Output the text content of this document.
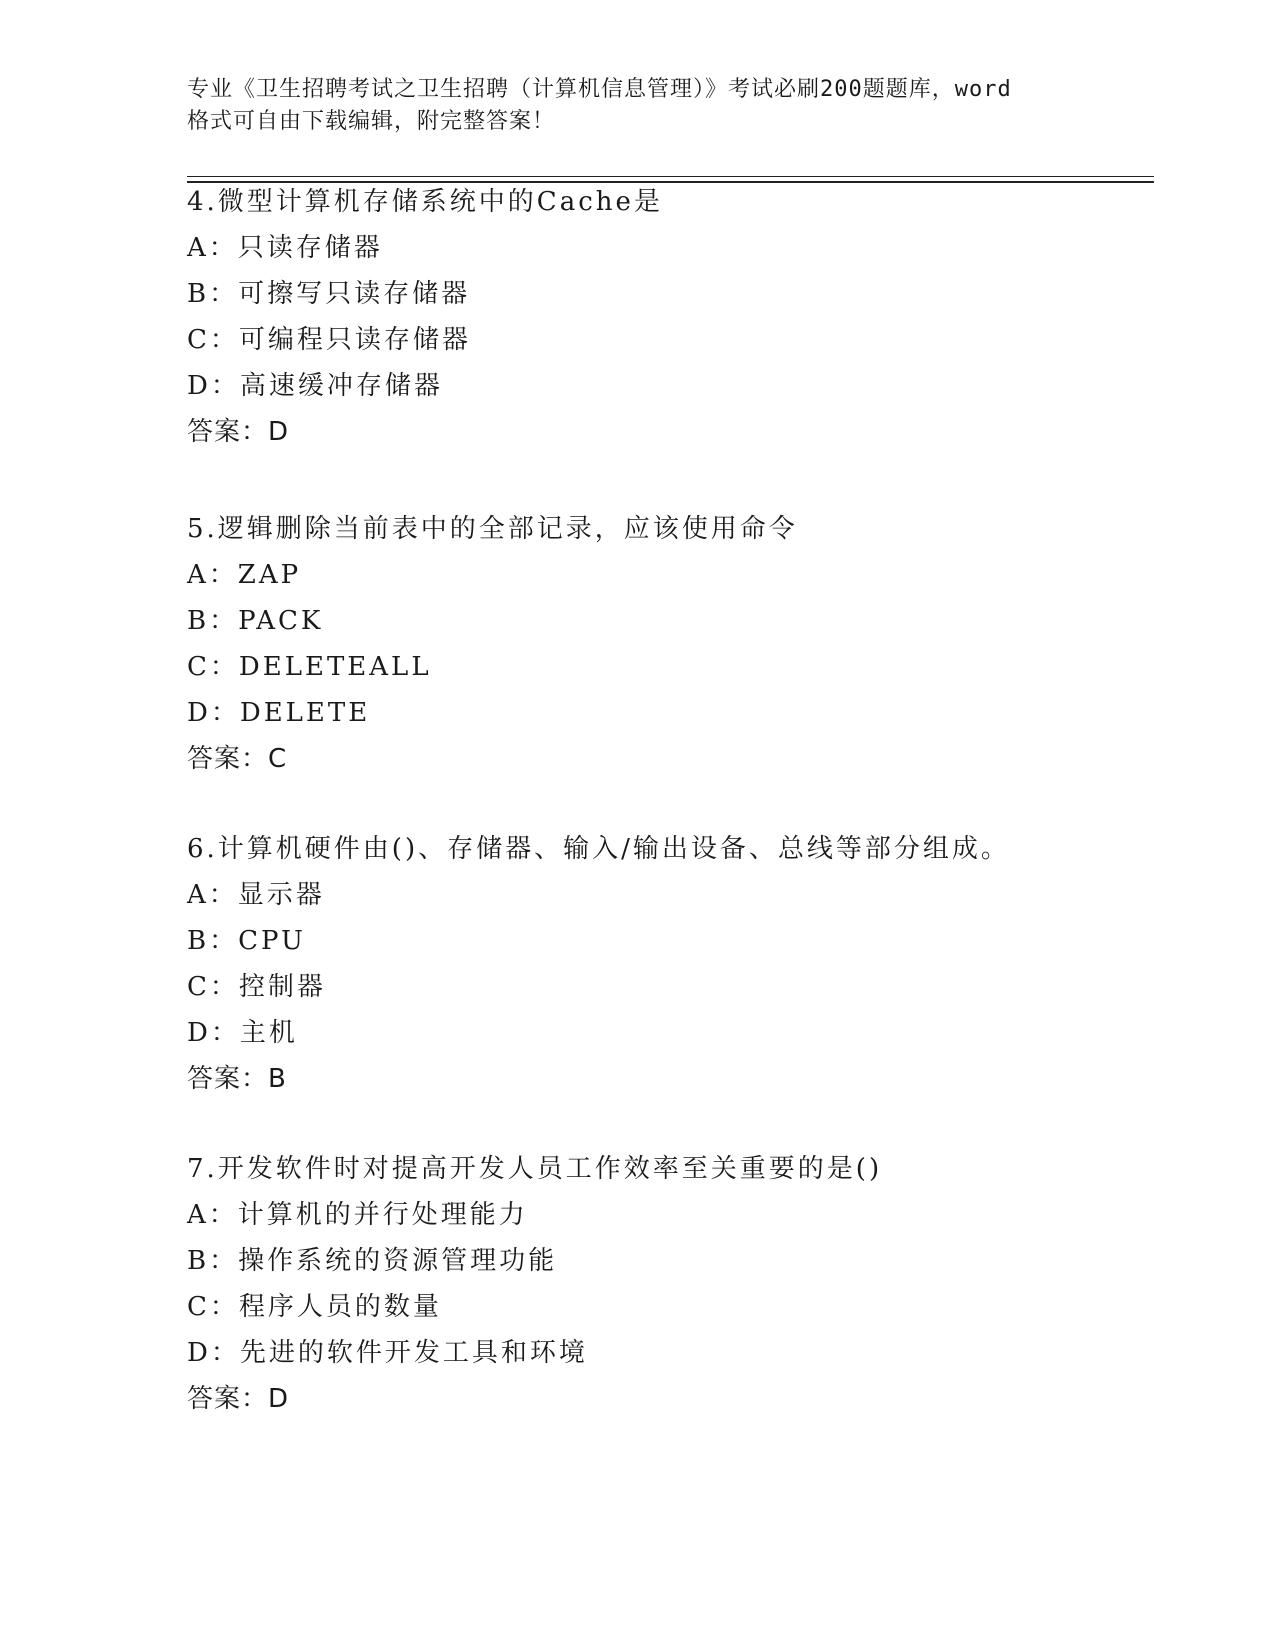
专业《卫生招聘考试之卫生招聘（计算机信息管理）》考试必刷200题题库，word
格式可自由下载编辑，附完整答案！
4.微型计算机存储系统中的Cache是
A：只读存储器
B：可擦写只读存储器
C：可编程只读存储器
D：高速缓冲存储器
答案：D
5.逻辑删除当前表中的全部记录，应该使用命令
A：ZAP
B：PACK
C：DELETEALL
D：DELETE
答案：C
6.计算机硬件由()、存储器、输入/输出设备、总线等部分组成。
A：显示器
B：CPU
C：控制器
D：主机
答案：B
7.开发软件时对提高开发人员工作效率至关重要的是()
A：计算机的并行处理能力
B：操作系统的资源管理功能
C：程序人员的数量
D：先进的软件开发工具和环境
答案：D
